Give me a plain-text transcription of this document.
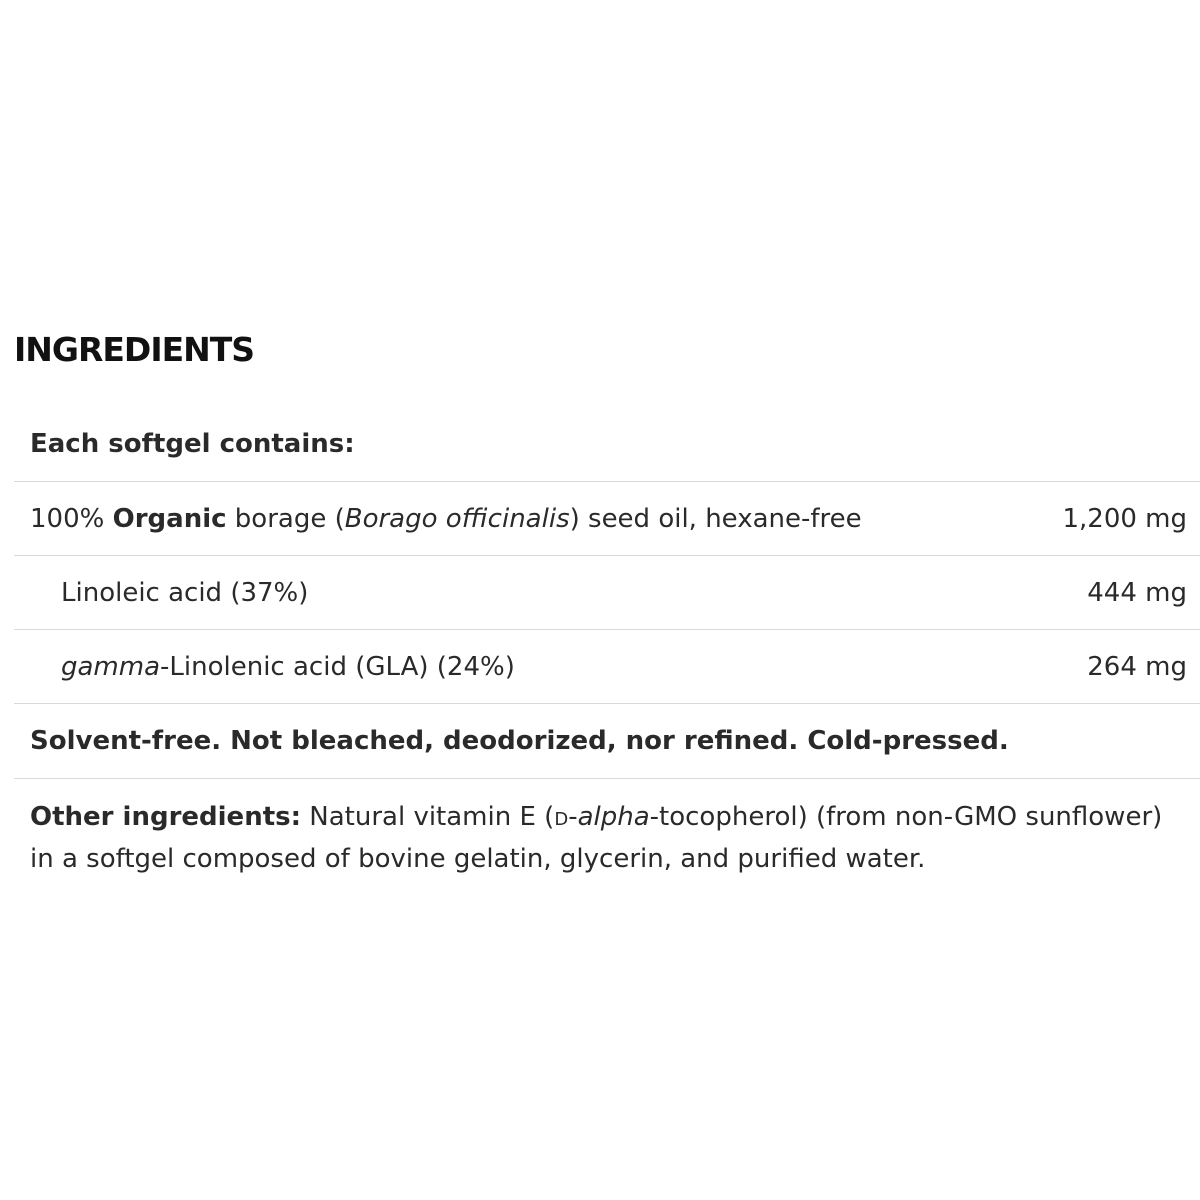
INGREDIENTS
Each softgel contains:
100% Organic borage (Borago officinalis) seed oil, hexane-free	1,200 mg
Linoleic acid (37%)	444 mg
gamma-Linolenic acid (GLA) (24%)	264 mg
Solvent-free. Not bleached, deodorized, nor refined. Cold-pressed.

Other ingredients: Natural vitamin E (d-alpha-tocopherol) (from non-GMO sunflower) in a softgel composed of bovine gelatin, glycerin, and purified water.
